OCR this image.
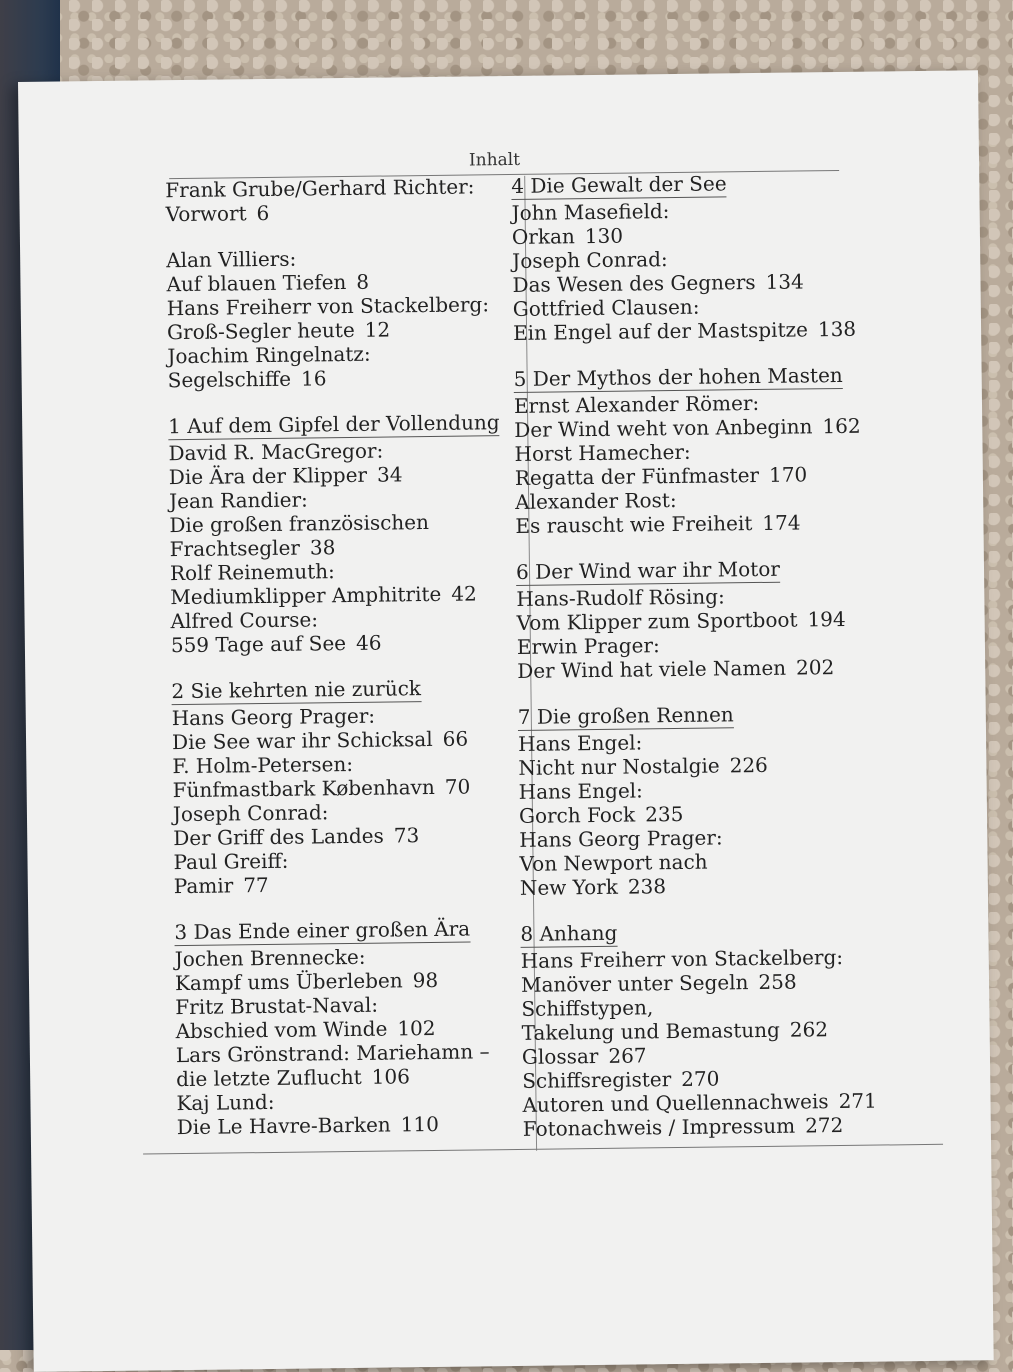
Inhalt
Frank Grube/Gerhard Richter:
Vorwort 6
Alan Villiers:
Auf blauen Tiefen 8
Hans Freiherr von Stackelberg:
Groß-Segler heute 12
Joachim Ringelnatz:
Segelschiffe 16
1 Auf dem Gipfel der Vollendung
David R. MacGregor:
Die Ära der Klipper 34
Jean Randier:
Die großen französischen
Frachtsegler 38
Rolf Reinemuth:
Mediumklipper Amphitrite 42
Alfred Course:
559 Tage auf See 46
2 Sie kehrten nie zurück
Hans Georg Prager:
Die See war ihr Schicksal 66
F. Holm-Petersen:
Fünfmastbark København 70
Joseph Conrad:
Der Griff des Landes 73
Paul Greiff:
Pamir 77
3 Das Ende einer großen Ära
Jochen Brennecke:
Kampf ums Überleben 98
Fritz Brustat-Naval:
Abschied vom Winde 102
Lars Grönstrand: Mariehamn –
die letzte Zuflucht 106
Kaj Lund:
Die Le Havre-Barken 110
4 Die Gewalt der See
John Masefield:
Orkan 130
Joseph Conrad:
Das Wesen des Gegners 134
Gottfried Clausen:
Ein Engel auf der Mastspitze 138
5 Der Mythos der hohen Masten
Ernst Alexander Römer:
Der Wind weht von Anbeginn 162
Horst Hamecher:
Regatta der Fünfmaster 170
Alexander Rost:
Es rauscht wie Freiheit 174
6 Der Wind war ihr Motor
Hans-Rudolf Rösing:
Vom Klipper zum Sportboot 194
Erwin Prager:
Der Wind hat viele Namen 202
7 Die großen Rennen
Hans Engel:
Nicht nur Nostalgie 226
Hans Engel:
Gorch Fock 235
Hans Georg Prager:
Von Newport nach
New York 238
8 Anhang
Hans Freiherr von Stackelberg:
Manöver unter Segeln 258
Schiffstypen,
Takelung und Bemastung 262
Glossar 267
Schiffsregister 270
Autoren und Quellennachweis 271
Fotonachweis / Impressum 272
